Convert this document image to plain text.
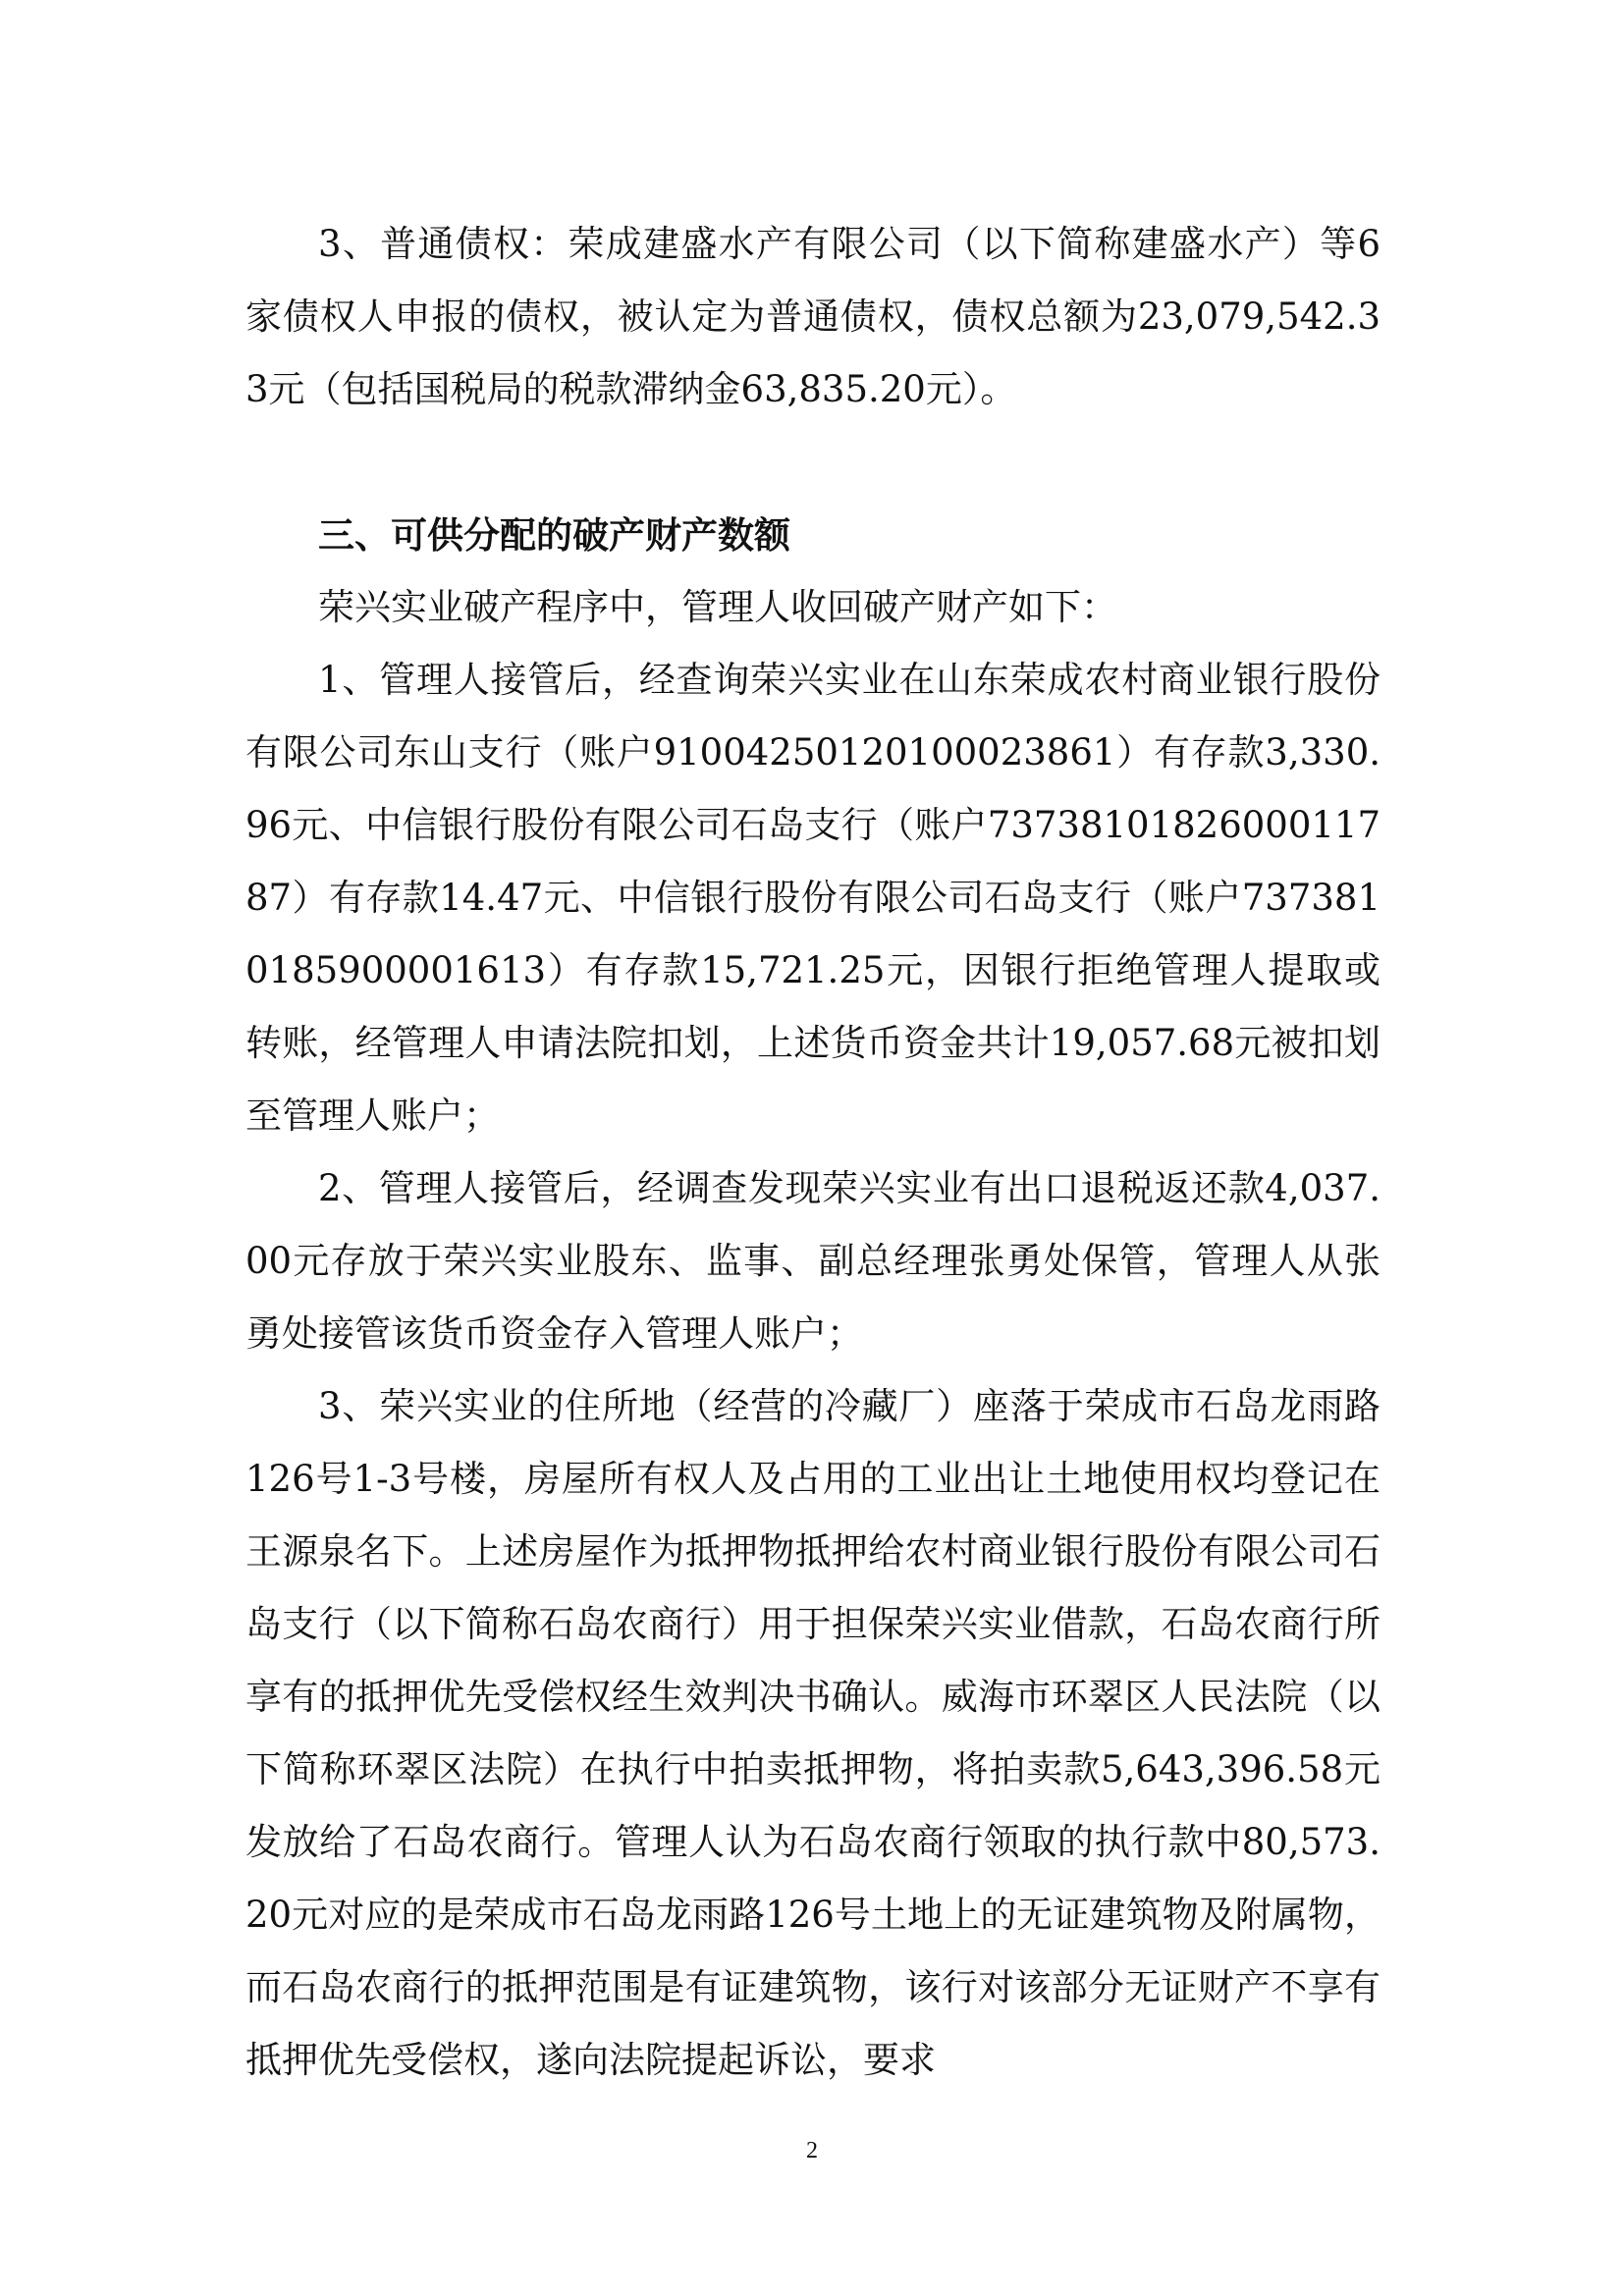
3、普通债权：荣成建盛水产有限公司（以下简称建盛水产）等6家债权人申报的债权，被认定为普通债权，债权总额为23,079,542.33元（包括国税局的税款滞纳金63,835.20元）。

三、可供分配的破产财产数额

荣兴实业破产程序中，管理人收回破产财产如下：

1、管理人接管后，经查询荣兴实业在山东荣成农村商业银行股份有限公司东山支行（账户91004250120100023861）有存款3,330.96元、中信银行股份有限公司石岛支行（账户7373810182600011787）有存款14.47元、中信银行股份有限公司石岛支行（账户7373810185900001613）有存款15,721.25元，因银行拒绝管理人提取或转账，经管理人申请法院扣划，上述货币资金共计19,057.68元被扣划至管理人账户；

2、管理人接管后，经调查发现荣兴实业有出口退税返还款4,037.00元存放于荣兴实业股东、监事、副总经理张勇处保管，管理人从张勇处接管该货币资金存入管理人账户；

3、荣兴实业的住所地（经营的冷藏厂）座落于荣成市石岛龙雨路126号1-3号楼，房屋所有权人及占用的工业出让土地使用权均登记在王源泉名下。上述房屋作为抵押物抵押给农村商业银行股份有限公司石岛支行（以下简称石岛农商行）用于担保荣兴实业借款，石岛农商行所享有的抵押优先受偿权经生效判决书确认。威海市环翠区人民法院（以下简称环翠区法院）在执行中拍卖抵押物，将拍卖款5,643,396.58元发放给了石岛农商行。管理人认为石岛农商行领取的执行款中80,573.20元对应的是荣成市石岛龙雨路126号土地上的无证建筑物及附属物，而石岛农商行的抵押范围是有证建筑物，该行对该部分无证财产不享有抵押优先受偿权，遂向法院提起诉讼，要求

2
